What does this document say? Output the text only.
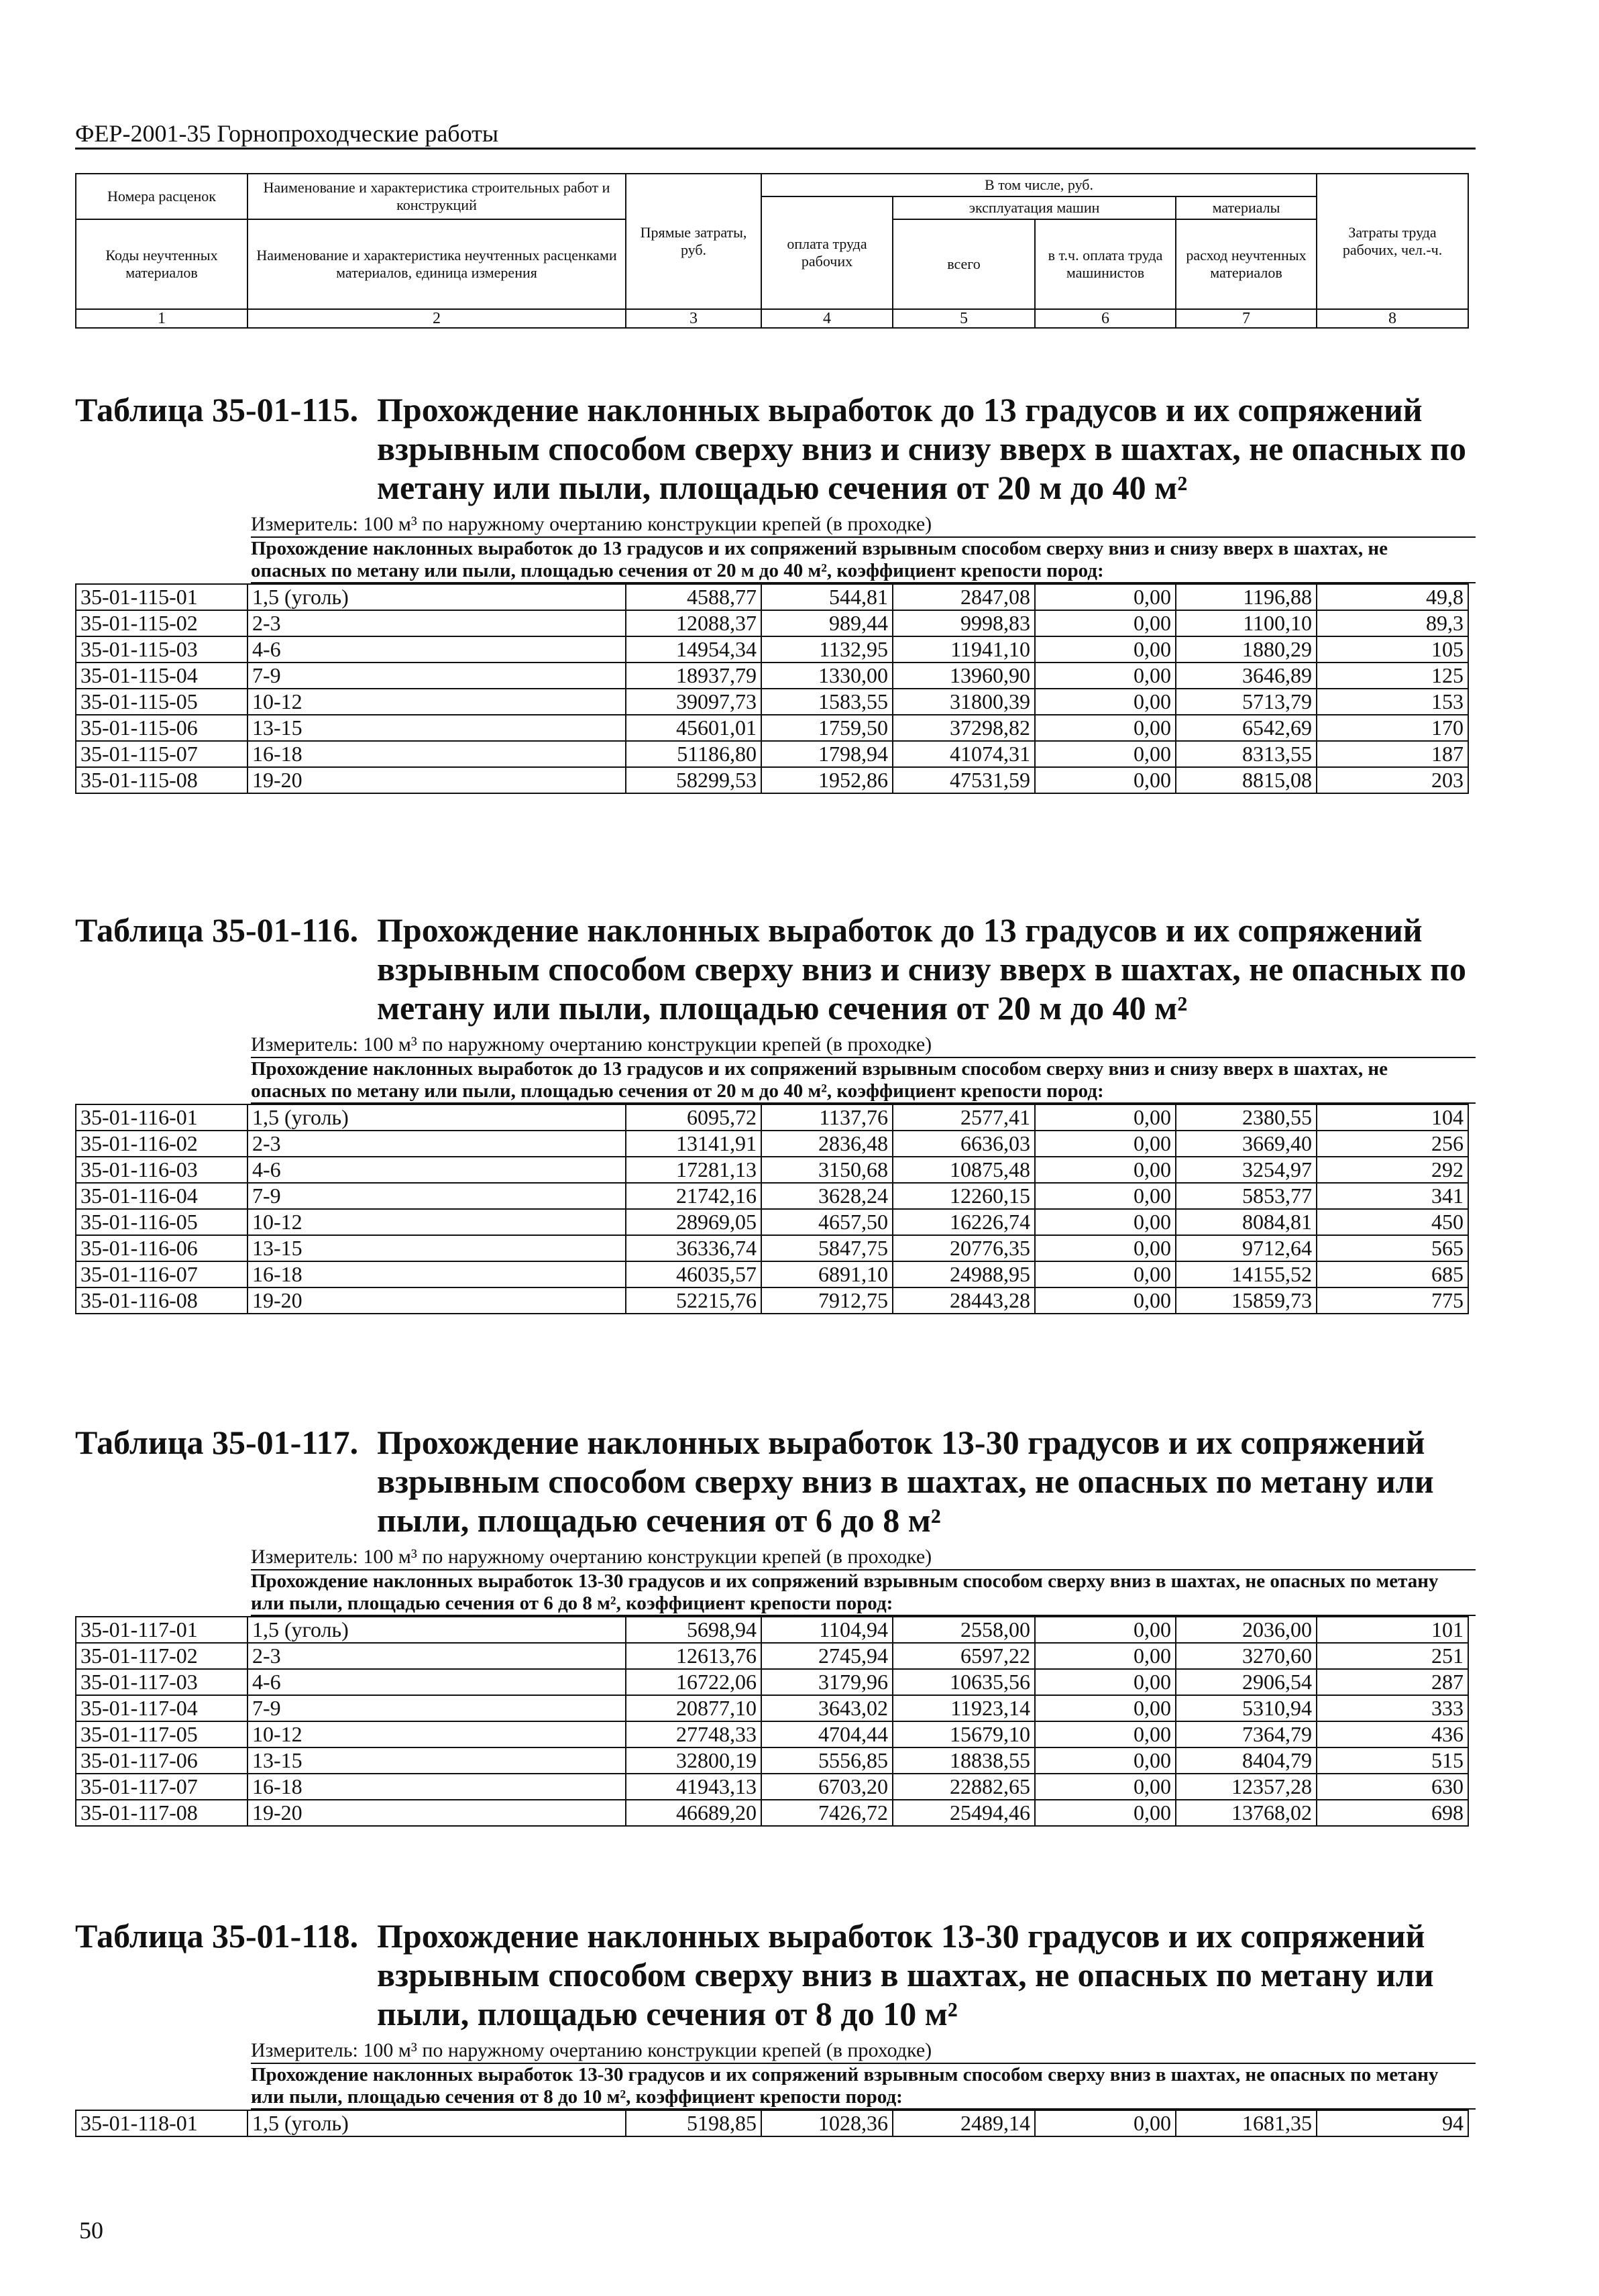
ФЕР-2001-35 Горнопроходческие работы
Номера расценок	Наименование и характеристика строительных работ и конструкций	Прямые затраты, руб.	В том числе, руб.				Затраты труда рабочих, чел.-ч.
			оплата труда рабочих	эксплуатация машин		материалы	
Коды неучтенных материалов	Наименование и характеристика неучтенных расценками материалов, единица измерения			всего	в т.ч. оплата труда машинистов	расход неучтенных материалов	

1	2	3	4	5	6	7	8
Таблица 35-01-115. Прохождение наклонных выработок до 13 градусов и их сопряжений взрывным способом сверху вниз и снизу вверх в шахтах, не опасных по метану или пыли, площадью сечения от 20 м до 40 м²
Измеритель: 100 м³ по наружному очертанию конструкции крепей (в проходке)
Прохождение наклонных выработок до 13 градусов и их сопряжений взрывным способом сверху вниз и снизу вверх в шахтах, не опасных по метану или пыли, площадью сечения от 20 м до 40 м², коэффициент крепости пород:
35-01-115-01	1,5 (уголь)	4588,77	544,81	2847,08	0,00	1196,88	49,8
35-01-115-02	2-3	12088,37	989,44	9998,83	0,00	1100,10	89,3
35-01-115-03	4-6	14954,34	1132,95	11941,10	0,00	1880,29	105
35-01-115-04	7-9	18937,79	1330,00	13960,90	0,00	3646,89	125
35-01-115-05	10-12	39097,73	1583,55	31800,39	0,00	5713,79	153
35-01-115-06	13-15	45601,01	1759,50	37298,82	0,00	6542,69	170
35-01-115-07	16-18	51186,80	1798,94	41074,31	0,00	8313,55	187
35-01-115-08	19-20	58299,53	1952,86	47531,59	0,00	8815,08	203
Таблица 35-01-116. Прохождение наклонных выработок до 13 градусов и их сопряжений взрывным способом сверху вниз и снизу вверх в шахтах, не опасных по метану или пыли, площадью сечения от 20 м до 40 м²
Измеритель: 100 м³ по наружному очертанию конструкции крепей (в проходке)
Прохождение наклонных выработок до 13 градусов и их сопряжений взрывным способом сверху вниз и снизу вверх в шахтах, не опасных по метану или пыли, площадью сечения от 20 м до 40 м², коэффициент крепости пород:
35-01-116-01	1,5 (уголь)	6095,72	1137,76	2577,41	0,00	2380,55	104
35-01-116-02	2-3	13141,91	2836,48	6636,03	0,00	3669,40	256
35-01-116-03	4-6	17281,13	3150,68	10875,48	0,00	3254,97	292
35-01-116-04	7-9	21742,16	3628,24	12260,15	0,00	5853,77	341
35-01-116-05	10-12	28969,05	4657,50	16226,74	0,00	8084,81	450
35-01-116-06	13-15	36336,74	5847,75	20776,35	0,00	9712,64	565
35-01-116-07	16-18	46035,57	6891,10	24988,95	0,00	14155,52	685
35-01-116-08	19-20	52215,76	7912,75	28443,28	0,00	15859,73	775
Таблица 35-01-117. Прохождение наклонных выработок 13-30 градусов и их сопряжений взрывным способом сверху вниз в шахтах, не опасных по метану или пыли, площадью сечения от 6 до 8 м²
Измеритель: 100 м³ по наружному очертанию конструкции крепей (в проходке)
Прохождение наклонных выработок 13-30 градусов и их сопряжений взрывным способом сверху вниз в шахтах, не опасных по метану или пыли, площадью сечения от 6 до 8 м², коэффициент крепости пород:
35-01-117-01	1,5 (уголь)	5698,94	1104,94	2558,00	0,00	2036,00	101
35-01-117-02	2-3	12613,76	2745,94	6597,22	0,00	3270,60	251
35-01-117-03	4-6	16722,06	3179,96	10635,56	0,00	2906,54	287
35-01-117-04	7-9	20877,10	3643,02	11923,14	0,00	5310,94	333
35-01-117-05	10-12	27748,33	4704,44	15679,10	0,00	7364,79	436
35-01-117-06	13-15	32800,19	5556,85	18838,55	0,00	8404,79	515
35-01-117-07	16-18	41943,13	6703,20	22882,65	0,00	12357,28	630
35-01-117-08	19-20	46689,20	7426,72	25494,46	0,00	13768,02	698
Таблица 35-01-118. Прохождение наклонных выработок 13-30 градусов и их сопряжений взрывным способом сверху вниз в шахтах, не опасных по метану или пыли, площадью сечения от 8 до 10 м²
Измеритель: 100 м³ по наружному очертанию конструкции крепей (в проходке)
Прохождение наклонных выработок 13-30 градусов и их сопряжений взрывным способом сверху вниз в шахтах, не опасных по метану или пыли, площадью сечения от 8 до 10 м², коэффициент крепости пород:
35-01-118-01	1,5 (уголь)	5198,85	1028,36	2489,14	0,00	1681,35	94
50
